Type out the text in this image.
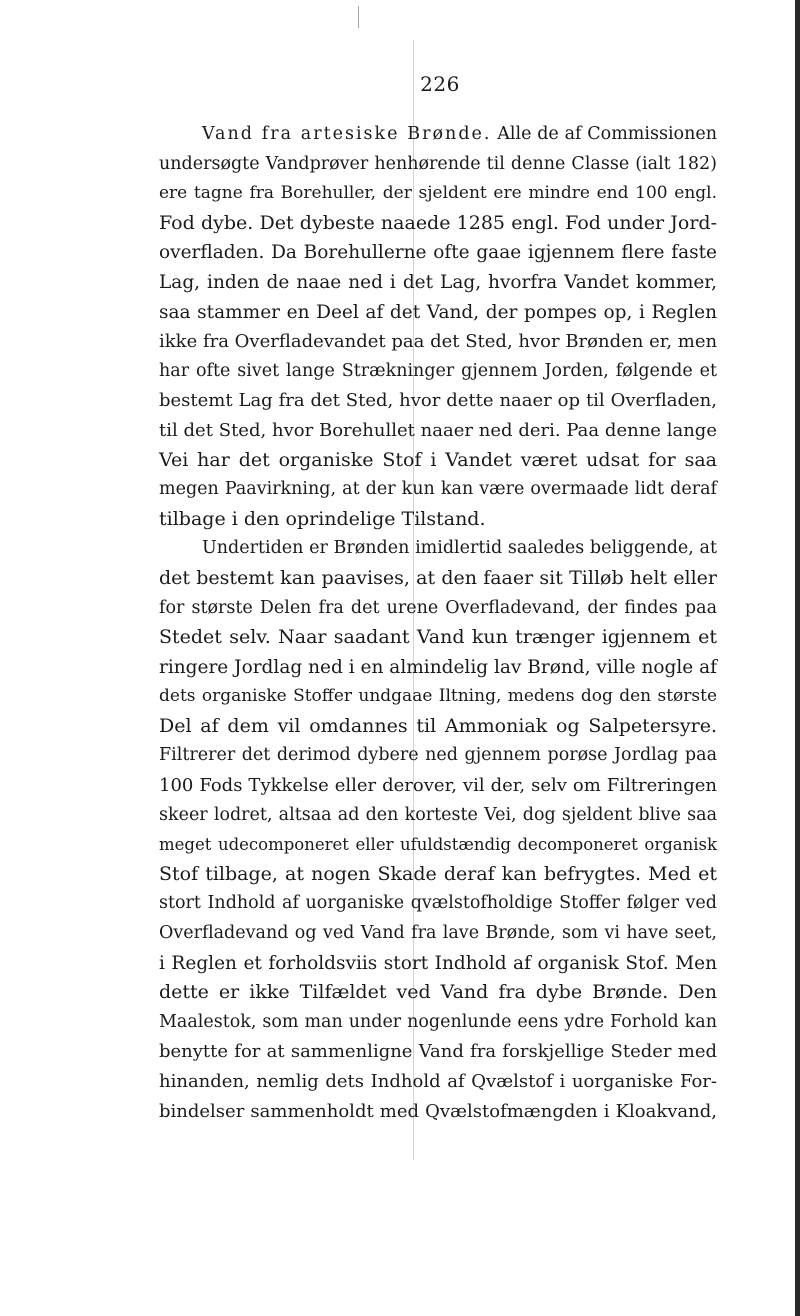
226
Vand fra artesiske Brønde. Alle de af Commissionen
undersøgte Vandprøver henhørende til denne Classe (ialt 182)
ere tagne fra Borehuller, der sjeldent ere mindre end 100 engl.
Fod dybe. Det dybeste naaede 1285 engl. Fod under Jord-
overfladen. Da Borehullerne ofte gaae igjennem flere faste
Lag, inden de naae ned i det Lag, hvorfra Vandet kommer,
saa stammer en Deel af det Vand, der pompes op, i Reglen
ikke fra Overfladevandet paa det Sted, hvor Brønden er, men
har ofte sivet lange Strækninger gjennem Jorden, følgende et
bestemt Lag fra det Sted, hvor dette naaer op til Overfladen,
til det Sted, hvor Borehullet naaer ned deri. Paa denne lange
Vei har det organiske Stof i Vandet været udsat for saa
megen Paavirkning, at der kun kan være overmaade lidt deraf
tilbage i den oprindelige Tilstand.
Undertiden er Brønden imidlertid saaledes beliggende, at
det bestemt kan paavises, at den faaer sit Tilløb helt eller
for største Delen fra det urene Overfladevand, der findes paa
Stedet selv. Naar saadant Vand kun trænger igjennem et
ringere Jordlag ned i en almindelig lav Brønd, ville nogle af
dets organiske Stoffer undgaae Iltning, medens dog den største
Del af dem vil omdannes til Ammoniak og Salpetersyre.
Filtrerer det derimod dybere ned gjennem porøse Jordlag paa
100 Fods Tykkelse eller derover, vil der, selv om Filtreringen
skeer lodret, altsaa ad den korteste Vei, dog sjeldent blive saa
meget udecomponeret eller ufuldstændig decomponeret organisk
Stof tilbage, at nogen Skade deraf kan befrygtes. Med et
stort Indhold af uorganiske qvælstofholdige Stoffer følger ved
Overfladevand og ved Vand fra lave Brønde, som vi have seet,
i Reglen et forholdsviis stort Indhold af organisk Stof. Men
dette er ikke Tilfældet ved Vand fra dybe Brønde. Den
Maalestok, som man under nogenlunde eens ydre Forhold kan
benytte for at sammenligne Vand fra forskjellige Steder med
hinanden, nemlig dets Indhold af Qvælstof i uorganiske For-
bindelser sammenholdt med Qvælstofmængden i Kloakvand,
